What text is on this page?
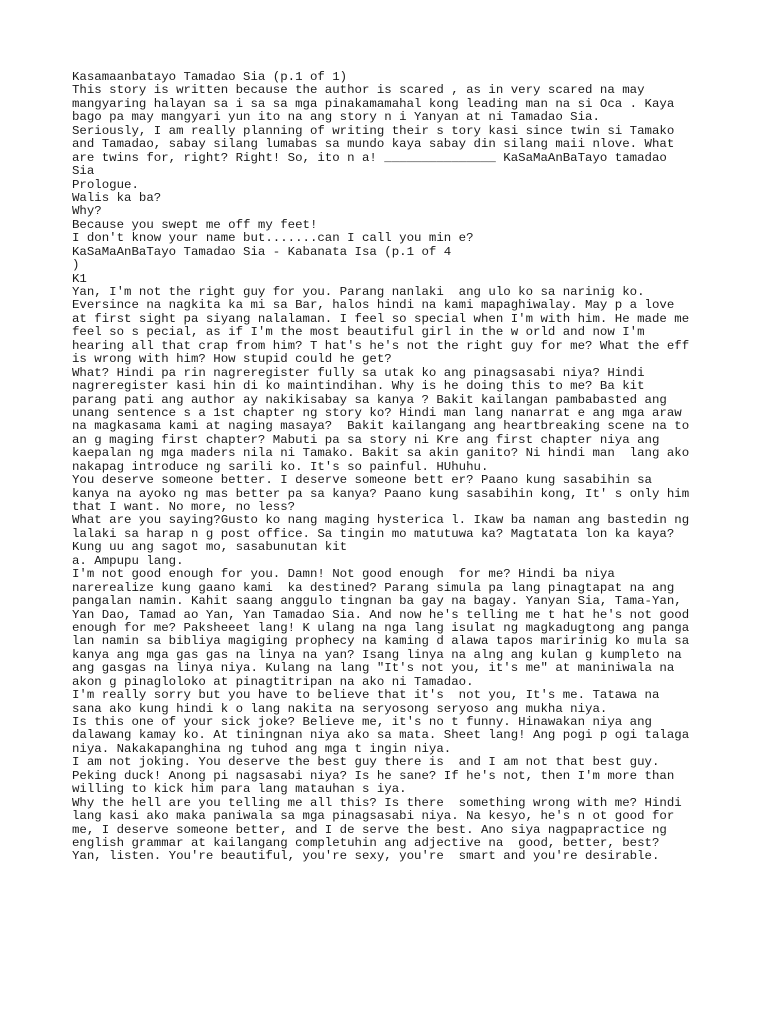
Kasamaanbatayo Tamadao Sia (p.1 of 1)
This story is written because the author is scared , as in very scared na may
mangyaring halayan sa i sa sa mga pinakamamahal kong leading man na si Oca . Kaya
bago pa may mangyari yun ito na ang story n i Yanyan at ni Tamadao Sia.
Seriously, I am really planning of writing their s tory kasi since twin si Tamako
and Tamadao, sabay silang lumabas sa mundo kaya sabay din silang maii nlove. What
are twins for, right? Right! So, ito n a! _______________ KaSaMaAnBaTayo tamadao
Sia
Prologue.
Walis ka ba?
Why?
Because you swept me off my feet!
I don't know your name but.......can I call you min e?
KaSaMaAnBaTayo Tamadao Sia - Kabanata Isa (p.1 of 4
)
K1
Yan, I'm not the right guy for you. Parang nanlaki  ang ulo ko sa narinig ko.
Eversince na nagkita ka mi sa Bar, halos hindi na kami mapaghiwalay. May p a love
at first sight pa siyang nalalaman. I feel so special when I'm with him. He made me
feel so s pecial, as if I'm the most beautiful girl in the w orld and now I'm
hearing all that crap from him? T hat's he's not the right guy for me? What the eff
is wrong with him? How stupid could he get?
What? Hindi pa rin nagreregister fully sa utak ko ang pinagsasabi niya? Hindi
nagreregister kasi hin di ko maintindihan. Why is he doing this to me? Ba kit
parang pati ang author ay nakikisabay sa kanya ? Bakit kailangan pambabasted ang
unang sentence s a 1st chapter ng story ko? Hindi man lang nanarrat e ang mga araw
na magkasama kami at naging masaya?  Bakit kailangang ang heartbreaking scene na to
an g maging first chapter? Mabuti pa sa story ni Kre ang first chapter niya ang
kaepalan ng mga maders nila ni Tamako. Bakit sa akin ganito? Ni hindi man  lang ako
nakapag introduce ng sarili ko. It's so painful. HUhuhu.
You deserve someone better. I deserve someone bett er? Paano kung sasabihin sa
kanya na ayoko ng mas better pa sa kanya? Paano kung sasabihin kong, It' s only him
that I want. No more, no less?
What are you saying?Gusto ko nang maging hysterica l. Ikaw ba naman ang bastedin ng
lalaki sa harap n g post office. Sa tingin mo matutuwa ka? Magtatata lon ka kaya?
Kung uu ang sagot mo, sasabunutan kit
a. Ampupu lang.
I'm not good enough for you. Damn! Not good enough  for me? Hindi ba niya
narerealize kung gaano kami  ka destined? Parang simula pa lang pinagtapat na ang
pangalan namin. Kahit saang anggulo tingnan ba gay na bagay. Yanyan Sia, Tama-Yan,
Yan Dao, Tamad ao Yan, Yan Tamadao Sia. And now he's telling me t hat he's not good
enough for me? Paksheeet lang! K ulang na nga lang isulat ng magkadugtong ang panga
lan namin sa bibliya magiging prophecy na kaming d alawa tapos maririnig ko mula sa
kanya ang mga gas gas na linya na yan? Isang linya na alng ang kulan g kumpleto na
ang gasgas na linya niya. Kulang na lang "It's not you, it's me" at maniniwala na
akon g pinagloloko at pinagtitripan na ako ni Tamadao.
I'm really sorry but you have to believe that it's  not you, It's me. Tatawa na
sana ako kung hindi k o lang nakita na seryosong seryoso ang mukha niya.
Is this one of your sick joke? Believe me, it's no t funny. Hinawakan niya ang
dalawang kamay ko. At tiningnan niya ako sa mata. Sheet lang! Ang pogi p ogi talaga
niya. Nakakapanghina ng tuhod ang mga t ingin niya.
I am not joking. You deserve the best guy there is  and I am not that best guy.
Peking duck! Anong pi nagsasabi niya? Is he sane? If he's not, then I'm more than
willing to kick him para lang matauhan s iya.
Why the hell are you telling me all this? Is there  something wrong with me? Hindi
lang kasi ako maka paniwala sa mga pinagsasabi niya. Na kesyo, he's n ot good for
me, I deserve someone better, and I de serve the best. Ano siya nagpapractice ng
english grammar at kailangang completuhin ang adjective na  good, better, best?
Yan, listen. You're beautiful, you're sexy, you're  smart and you're desirable.
